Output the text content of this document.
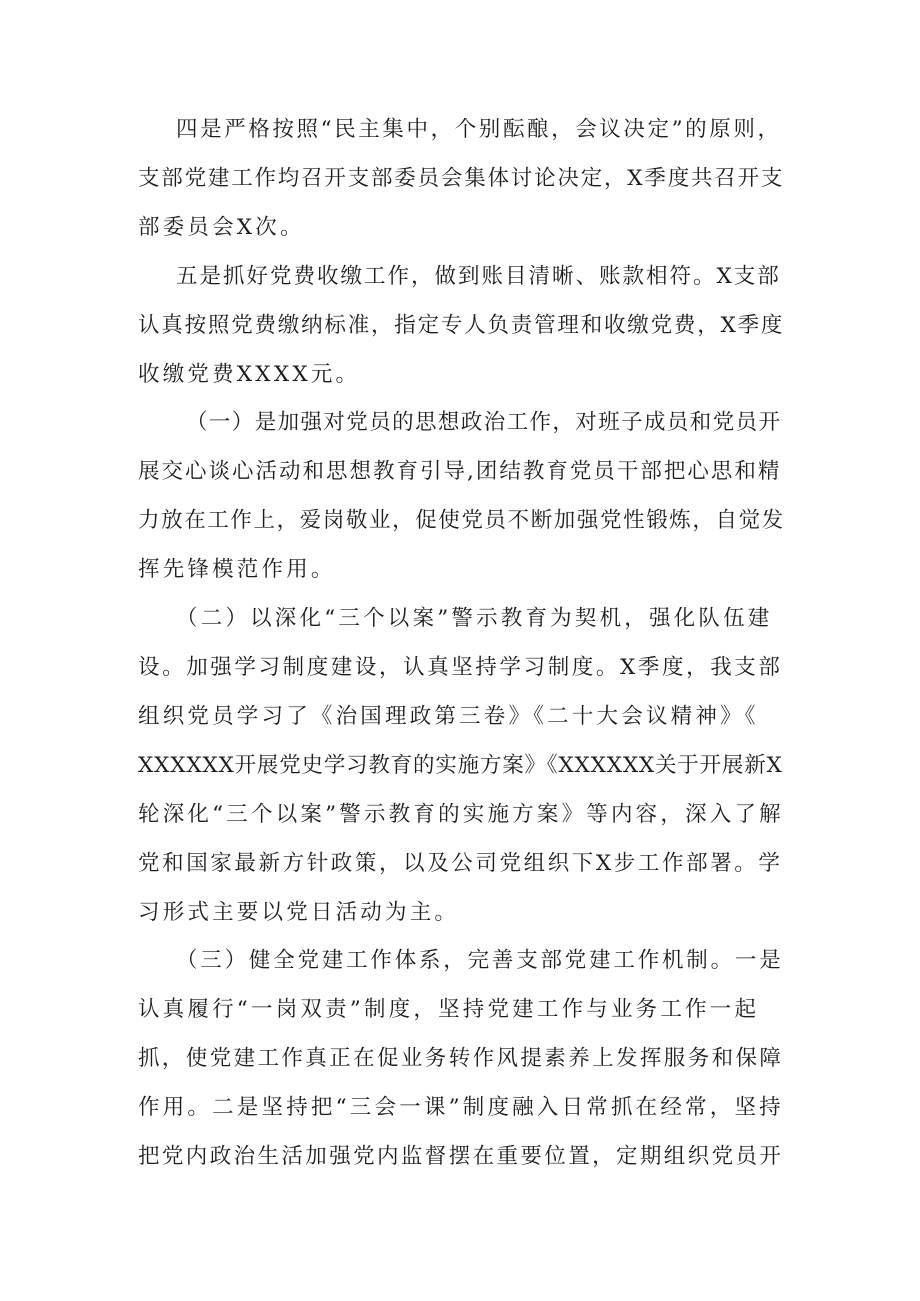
四是严格按照“民主集中，个别酝酿，会议决定”的原则，
支部党建工作均召开支部委员会集体讨论决定，X季度共召开支
部委员会X次。
五是抓好党费收缴工作，做到账目清晰、账款相符。X支部
认真按照党费缴纳标准，指定专人负责管理和收缴党费，X季度
收缴党费XXXX元。
（一）是加强对党员的思想政治工作，对班子成员和党员开
展交心谈心活动和思想教育引导,团结教育党员干部把心思和精
力放在工作上，爱岗敬业，促使党员不断加强党性锻炼，自觉发
挥先锋模范作用。
（二）以深化“三个以案”警示教育为契机，强化队伍建
设。加强学习制度建设，认真坚持学习制度。X季度，我支部
组织党员学习了《治国理政第三卷》《二十大会议精神》《
XXXXXX开展党史学习教育的实施方案》《XXXXXX关于开展新X
轮深化“三个以案”警示教育的实施方案》等内容，深入了解
党和国家最新方针政策，以及公司党组织下X步工作部署。学
习形式主要以党日活动为主。
（三）健全党建工作体系，完善支部党建工作机制。一是
认真履行“一岗双责”制度，坚持党建工作与业务工作一起
抓，使党建工作真正在促业务转作风提素养上发挥服务和保障
作用。二是坚持把“三会一课”制度融入日常抓在经常，坚持
把党内政治生活加强党内监督摆在重要位置，定期组织党员开
